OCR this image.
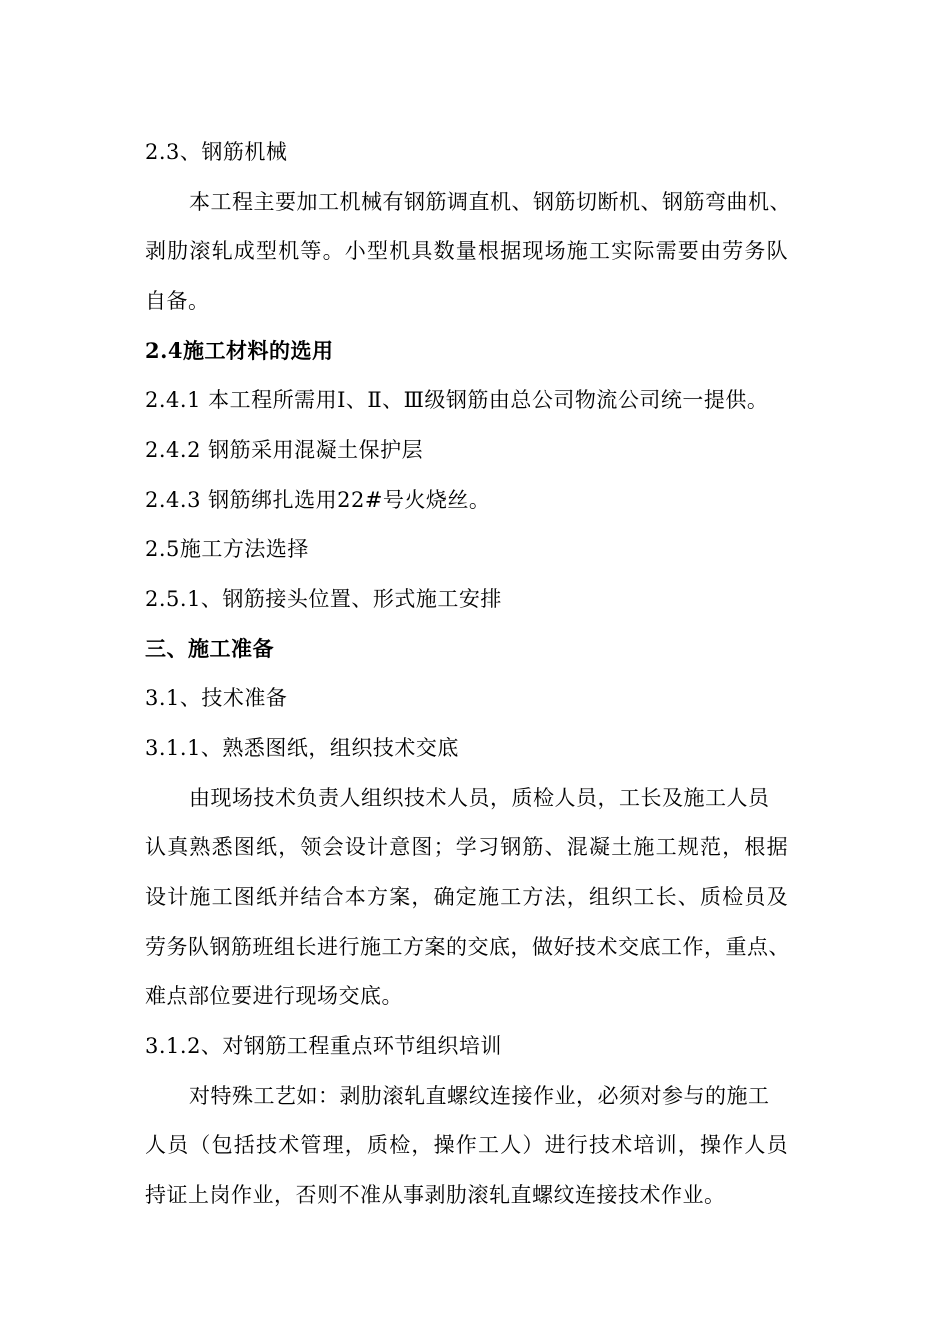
2.3、钢筋机械
本工程主要加工机械有钢筋调直机、钢筋切断机、钢筋弯曲机、
剥肋滚轧成型机等。小型机具数量根据现场施工实际需要由劳务队
自备。
2.4施工材料的选用
2.4.1 本工程所需用Ⅰ、Ⅱ、Ⅲ级钢筋由总公司物流公司统一提供。
2.4.2 钢筋采用混凝土保护层
2.4.3 钢筋绑扎选用22#号火烧丝。
2.5施工方法选择
2.5.1、钢筋接头位置、形式施工安排
三、施工准备
3.1、技术准备
3.1.1、熟悉图纸，组织技术交底
由现场技术负责人组织技术人员，质检人员，工长及施工人员
认真熟悉图纸，领会设计意图；学习钢筋、混凝土施工规范，根据
设计施工图纸并结合本方案，确定施工方法，组织工长、质检员及
劳务队钢筋班组长进行施工方案的交底，做好技术交底工作，重点、
难点部位要进行现场交底。
3.1.2、对钢筋工程重点环节组织培训
对特殊工艺如：剥肋滚轧直螺纹连接作业，必须对参与的施工
人员（包括技术管理，质检，操作工人）进行技术培训，操作人员
持证上岗作业，否则不准从事剥肋滚轧直螺纹连接技术作业。
